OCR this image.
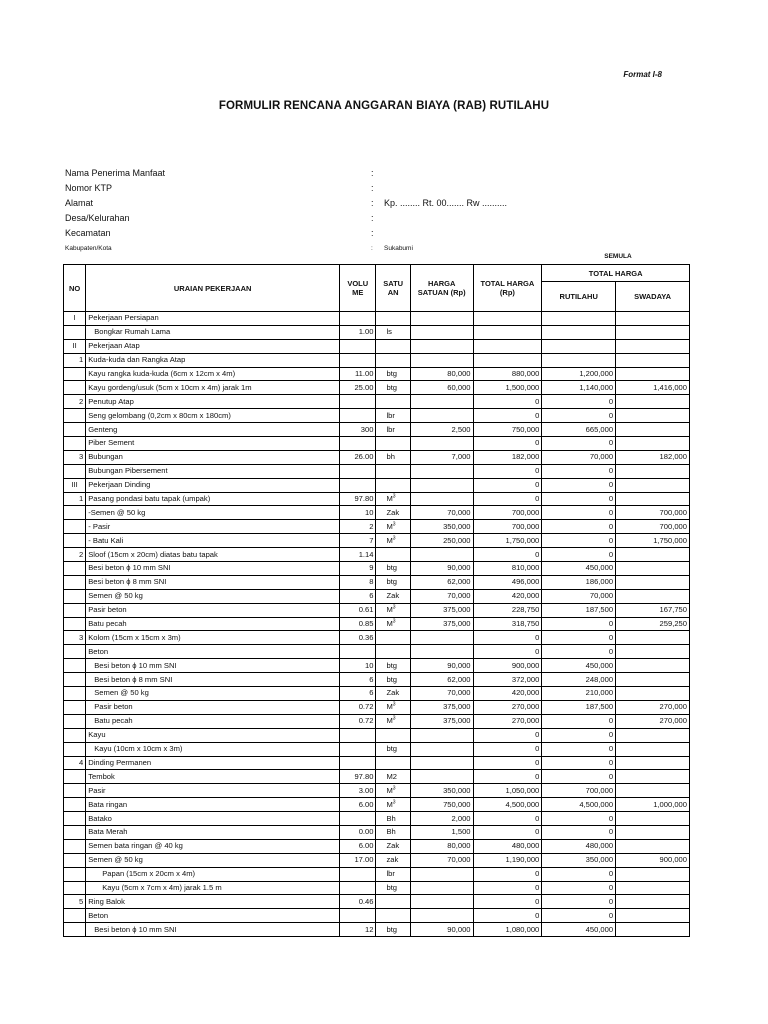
Format I-8
FORMULIR RENCANA ANGGARAN BIAYA (RAB) RUTILAHU
Nama Penerima Manfaat	:
Nomor KTP	:
Alamat	: Kp. ........ Rt. 00....... Rw ..........
Desa/Kelurahan	:
Kecamatan	:
Kabupaten/Kota	: Sukabumi
SEMULA
NO	URAIAN PEKERJAAN	VOLU ME	SATU AN	HARGA SATUAN (Rp)	TOTAL HARGA (Rp)	TOTAL HARGA	
						RUTILAHU	SWADAYA
I	Pekerjaan Persiapan						
	Bongkar Rumah Lama	1.00	ls				
II	Pekerjaan Atap						
1	Kuda-kuda dan Rangka Atap						
	Kayu rangka kuda-kuda (6cm x 12cm x 4m)	11.00	btg	80,000	880,000	1,200,000	
	Kayu gordeng/usuk (5cm x 10cm x 4m) jarak 1m	25.00	btg	60,000	1,500,000	1,140,000	1,416,000
2	Penutup Atap				0	0	
	Seng gelombang (0,2cm x 80cm x 180cm)		lbr		0	0	
	Genteng	300	lbr	2,500	750,000	665,000	
	Piber Sement				0	0	
3	Bubungan	26.00	bh	7,000	182,000	70,000	182,000
	Bubungan Pibersement				0	0	
III	Pekerjaan Dinding				0	0	
1	Pasang pondasi batu tapak (umpak)	97.80	$M^3$		0	0	
	-Semen @ 50 kg	10	Zak	70,000	700,000	0	700,000
	- Pasir	2	$M^3$	350,000	700,000	0	700,000
	- Batu Kali	7	$M^3$	250,000	1,750,000	0	1,750,000
2	Sloof (15cm x 20cm) diatas batu tapak	1.14			0	0	
	Besi beton ϕ 10 mm SNI	9	btg	90,000	810,000	450,000	
	Besi beton ϕ 8 mm SNI	8	btg	62,000	496,000	186,000	
	Semen @ 50 kg	6	Zak	70,000	420,000	70,000	
	Pasir beton	0.61	$M^3$	375,000	228,750	187,500	167,750
	Batu pecah	0.85	$M^3$	375,000	318,750	0	259,250
3	Kolom (15cm x 15cm x 3m)	0.36			0	0	
	Beton				0	0	
	Besi beton ϕ 10 mm SNI	10	btg	90,000	900,000	450,000	
	Besi beton ϕ 8 mm SNI	6	btg	62,000	372,000	248,000	
	Semen @ 50 kg	6	Zak	70,000	420,000	210,000	
	Pasir beton	0.72	$M^3$	375,000	270,000	187,500	270,000
	Batu pecah	0.72	$M^3$	375,000	270,000	0	270,000
	Kayu				0	0	
	Kayu (10cm x 10cm x 3m)		btg		0	0	
4	Dinding Permanen				0	0	
	Tembok	97.80	M2		0	0	
	Pasir	3.00	$M^3$	350,000	1,050,000	700,000	
	Bata ringan	6.00	$M^3$	750,000	4,500,000	4,500,000	1,000,000
	Batako		Bh	2,000	0	0	
	Bata Merah	0.00	Bh	1,500	0	0	
	Semen bata ringan @ 40 kg	6.00	Zak	80,000	480,000	480,000	
	Semen @ 50 kg	17.00	zak	70,000	1,190,000	350,000	900,000
	Papan (15cm x 20cm x 4m)		lbr		0	0	
	Kayu (5cm x 7cm x 4m) jarak 1.5 m		btg		0	0	
5	Ring Balok	0.46			0	0	
	Beton				0	0	
	Besi beton ϕ 10 mm SNI	12	btg	90,000	1,080,000	450,000	
